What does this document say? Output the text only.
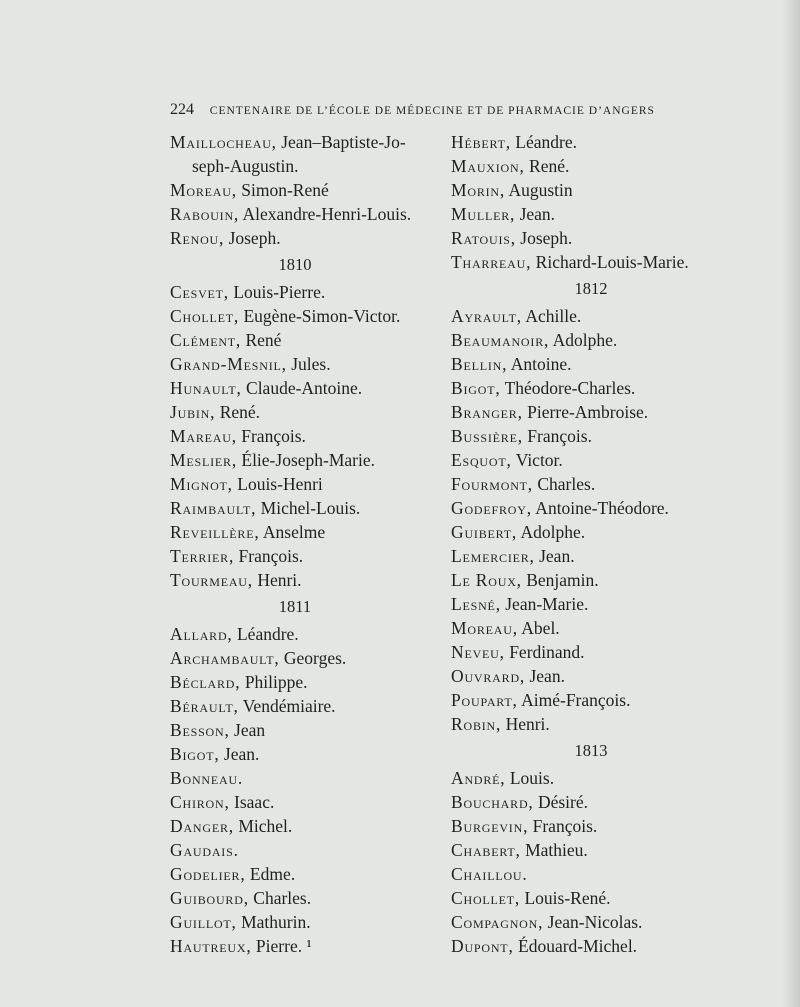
224 CENTENAIRE DE L’ÉCOLE DE MÉDECINE ET DE PHARMACIE D’ANGERS
Maillocheau, Jean–Baptiste-Jo-
seph-Augustin.
Moreau, Simon-René
Rabouin, Alexandre-Henri-Louis.
Renou, Joseph.
1810
Cesvet, Louis-Pierre.
Chollet, Eugène-Simon-Victor.
Clément, René
Grand-Mesnil, Jules.
Hunault, Claude-Antoine.
Jubin, René.
Mareau, François.
Meslier, Élie-Joseph-Marie.
Mignot, Louis-Henri
Raimbault, Michel-Louis.
Reveillère, Anselme
Terrier, François.
Tourmeau, Henri.
1811
Allard, Léandre.
Archambault, Georges.
Béclard, Philippe.
Bérault, Vendémiaire.
Besson, Jean
Bigot, Jean.
Bonneau.
Chiron, Isaac.
Danger, Michel.
Gaudais.
Godelier, Edme.
Guibourd, Charles.
Guillot, Mathurin.
Hautreux, Pierre. ¹
Hébert, Léandre.
Mauxion, René.
Morin, Augustin
Muller, Jean.
Ratouis, Joseph.
Tharreau, Richard-Louis-Marie.
1812
Ayrault, Achille.
Beaumanoir, Adolphe.
Bellin, Antoine.
Bigot, Théodore-Charles.
Branger, Pierre-Ambroise.
Bussière, François.
Esquot, Victor.
Fourmont, Charles.
Godefroy, Antoine-Théodore.
Guibert, Adolphe.
Lemercier, Jean.
Le Roux, Benjamin.
Lesné, Jean-Marie.
Moreau, Abel.
Neveu, Ferdinand.
Ouvrard, Jean.
Poupart, Aimé-François.
Robin, Henri.
1813
André, Louis.
Bouchard, Désiré.
Burgevin, François.
Chabert, Mathieu.
Chaillou.
Chollet, Louis-René.
Compagnon, Jean-Nicolas.
Dupont, Édouard-Michel.
